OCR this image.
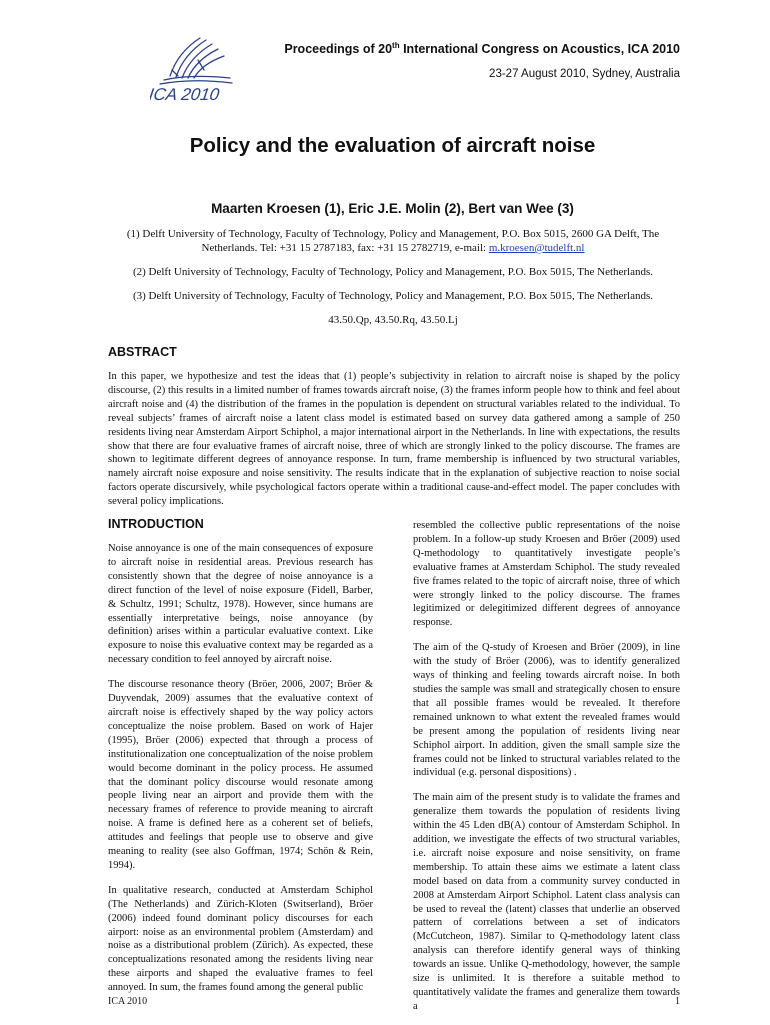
ICA 2010
Proceedings of 20th International Congress on Acoustics, ICA 2010
23-27 August 2010, Sydney, Australia
Policy and the evaluation of aircraft noise
Maarten Kroesen (1), Eric J.E. Molin (2), Bert van Wee (3)
(1) Delft University of Technology, Faculty of Technology, Policy and Management, P.O. Box 5015, 2600 GA Delft, The Netherlands. Tel: +31 15 2787183, fax: +31 15 2782719, e-mail: m.kroesen@tudelft.nl
(2) Delft University of Technology, Faculty of Technology, Policy and Management, P.O. Box 5015, The Netherlands.
(3) Delft University of Technology, Faculty of Technology, Policy and Management, P.O. Box 5015, The Netherlands.
43.50.Qp, 43.50.Rq, 43.50.Lj
ABSTRACT
In this paper, we hypothesize and test the ideas that (1) people’s subjectivity in relation to aircraft noise is shaped by the policy discourse, (2) this results in a limited number of frames towards aircraft noise, (3) the frames inform people how to think and feel about aircraft noise and (4) the distribution of the frames in the population is dependent on structural variables related to the individual. To reveal subjects’ frames of aircraft noise a latent class model is estimated based on survey data gathered among a sample of 250 residents living near Amsterdam Airport Schiphol, a major international airport in the Netherlands. In line with expectations, the results show that there are four evaluative frames of aircraft noise, three of which are strongly linked to the policy discourse. The frames are shown to legitimate different degrees of annoyance response. In turn, frame membership is influenced by two structural variables, namely aircraft noise exposure and noise sensitivity. The results indicate that in the explanation of subjective reaction to noise social factors operate discursively, while psychological factors operate within a traditional cause-and-effect model. The paper concludes with several policy implications.
INTRODUCTION

Noise annoyance is one of the main consequences of exposure to aircraft noise in residential areas. Previous research has consistently shown that the degree of noise annoyance is a direct function of the level of noise exposure (Fidell, Barber, & Schultz, 1991; Schultz, 1978). However, since humans are essentially interpretative beings, noise annoyance (by definition) arises within a particular evaluative context. Like exposure to noise this evaluative context may be regarded as a necessary condition to feel annoyed by aircraft noise.

The discourse resonance theory (Bröer, 2006, 2007; Bröer & Duyvendak, 2009) assumes that the evaluative context of aircraft noise is effectively shaped by the way policy actors conceptualize the noise problem. Based on work of Hajer (1995), Bröer (2006) expected that through a process of institutionalization one conceptualization of the noise problem would become dominant in the policy process. He assumed that the dominant policy discourse would resonate among people living near an airport and provide them with the necessary frames of reference to provide meaning to aircraft noise. A frame is defined here as a coherent set of beliefs, attitudes and feelings that people use to observe and give meaning to reality (see also Goffman, 1974; Schön & Rein, 1994).

In qualitative research, conducted at Amsterdam Schiphol (The Netherlands) and Zürich-Kloten (Switserland), Bröer (2006) indeed found dominant policy discourses for each airport: noise as an environmental problem (Amsterdam) and noise as a distributional problem (Zürich). As expected, these conceptualizations resonated among the residents living near these airports and shaped the evaluative frames to feel annoyed. In sum, the frames found among the general public

resembled the collective public representations of the noise problem. In a follow-up study Kroesen and Bröer (2009) used Q-methodology to quantitatively investigate people’s evaluative frames at Amsterdam Schiphol. The study revealed five frames related to the topic of aircraft noise, three of which were strongly linked to the policy discourse. The frames legitimized or delegitimized different degrees of annoyance response.

The aim of the Q-study of Kroesen and Bröer (2009), in line with the study of Bröer (2006), was to identify generalized ways of thinking and feeling towards aircraft noise. In both studies the sample was small and strategically chosen to ensure that all possible frames would be revealed. It therefore remained unknown to what extent the revealed frames would be present among the population of residents living near Schiphol airport. In addition, given the small sample size the frames could not be linked to structural variables related to the individual (e.g. personal dispositions) .

The main aim of the present study is to validate the frames and generalize them towards the population of residents living within the 45 Lden dB(A) contour of Amsterdam Schiphol. In addition, we investigate the effects of two structural variables, i.e. aircraft noise exposure and noise sensitivity, on frame membership. To attain these aims we estimate a latent class model based on data from a community survey conducted in 2008 at Amsterdam Airport Schiphol. Latent class analysis can be used to reveal the (latent) classes that underlie an observed pattern of correlations between a set of indicators (McCutcheon, 1987). Similar to Q-methodology latent class analysis can therefore identify general ways of thinking towards an issue. Unlike Q-methodology, however, the sample size is unlimited. It is therefore a suitable method to quantitatively validate the frames and generalize them towards a

ICA 2010	1
